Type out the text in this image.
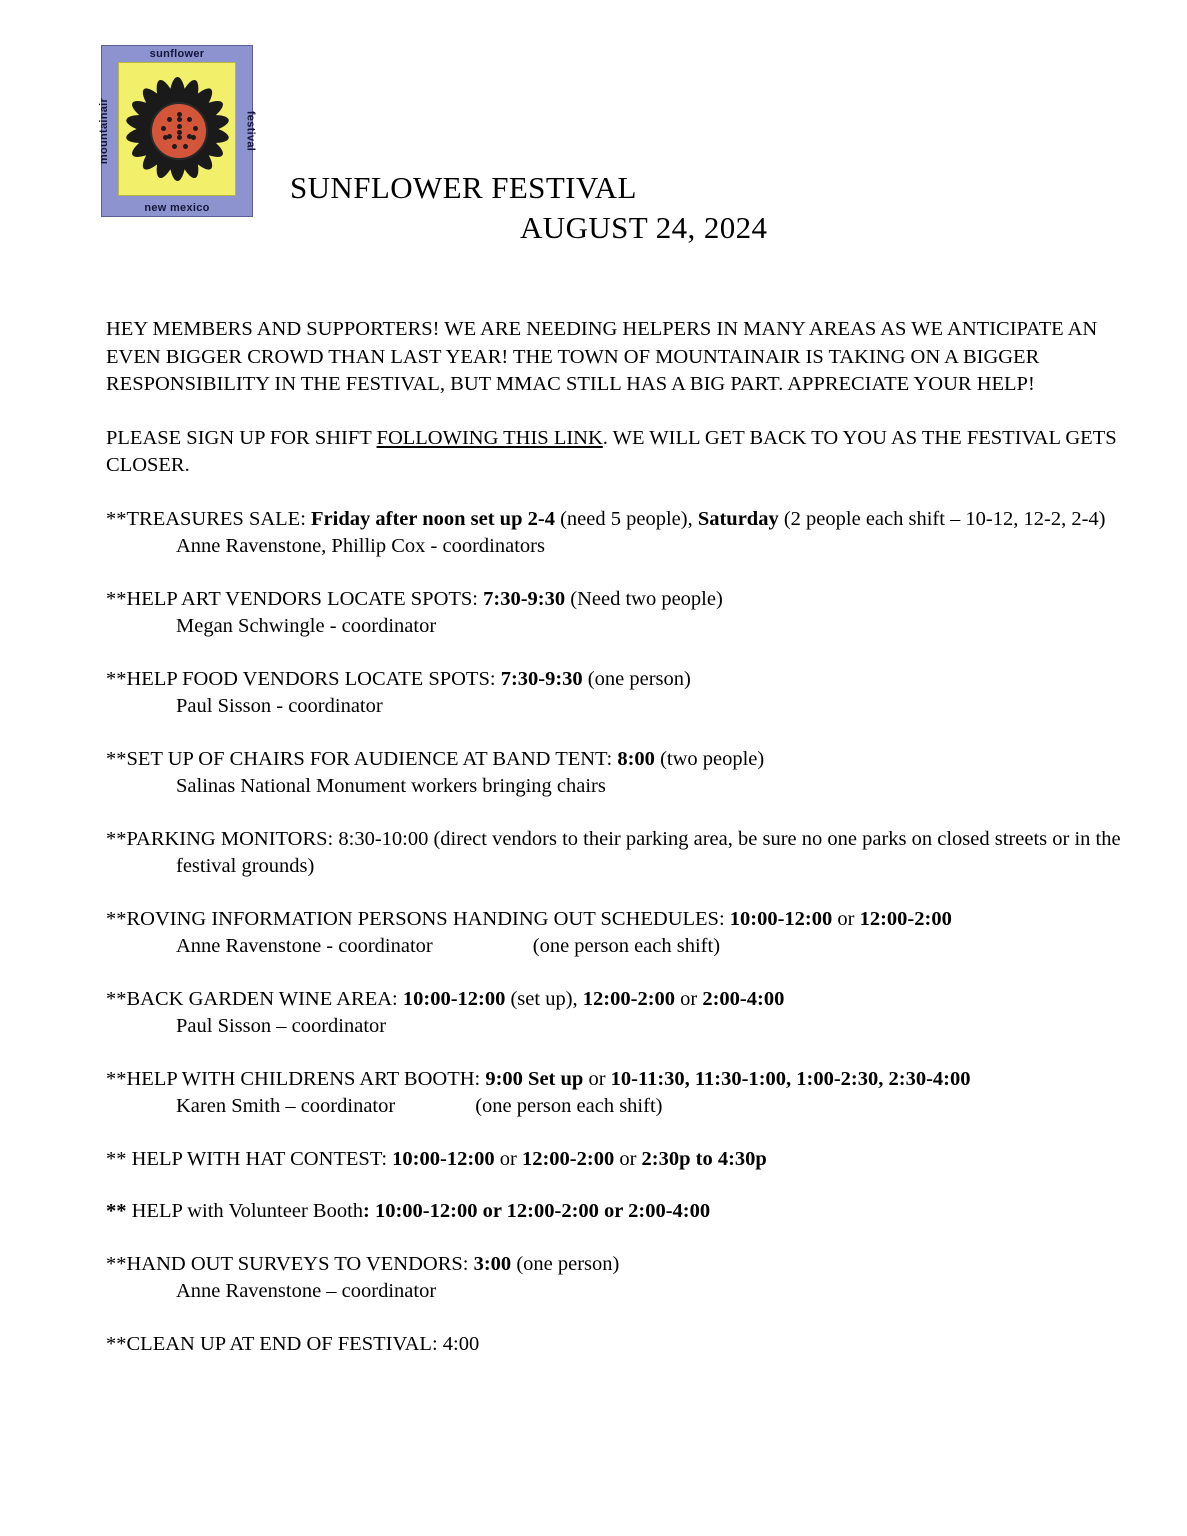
sunflower
festival
mountainair
new mexico
SUNFLOWER FESTIVAL
AUGUST 24, 2024

HEY MEMBERS AND SUPPORTERS! WE ARE NEEDING HELPERS IN MANY AREAS AS WE ANTICIPATE AN EVEN BIGGER CROWD THAN LAST YEAR! THE TOWN OF MOUNTAINAIR IS TAKING ON A BIGGER RESPONSIBILITY IN THE FESTIVAL, BUT MMAC STILL HAS A BIG PART. APPRECIATE YOUR HELP!

PLEASE SIGN UP FOR SHIFT FOLLOWING THIS LINK. WE WILL GET BACK TO YOU AS THE FESTIVAL GETS CLOSER.

**TREASURES SALE: Friday after noon set up 2-4 (need 5 people), Saturday (2 people each shift – 10-12, 12-2, 2-4)
Anne Ravenstone, Phillip Cox - coordinators
**HELP ART VENDORS LOCATE SPOTS: 7:30-9:30 (Need two people)
Megan Schwingle - coordinator
**HELP FOOD VENDORS LOCATE SPOTS: 7:30-9:30 (one person)
Paul Sisson - coordinator
**SET UP OF CHAIRS FOR AUDIENCE AT BAND TENT: 8:00 (two people)
Salinas National Monument workers bringing chairs
**PARKING MONITORS: 8:30-10:00 (direct vendors to their parking area, be sure no one parks on closed streets or in the festival grounds)
**ROVING INFORMATION PERSONS HANDING OUT SCHEDULES: 10:00-12:00 or 12:00-2:00
Anne Ravenstone - coordinator	(one person each shift)
**BACK GARDEN WINE AREA: 10:00-12:00 (set up), 12:00-2:00 or 2:00-4:00
Paul Sisson – coordinator
**HELP WITH CHILDRENS ART BOOTH: 9:00 Set up or 10-11:30, 11:30-1:00, 1:00-2:30, 2:30-4:00
Karen Smith – coordinator	(one person each shift)
** HELP WITH HAT CONTEST: 10:00-12:00 or 12:00-2:00 or 2:30p to 4:30p
** HELP with Volunteer Booth: 10:00-12:00 or 12:00-2:00 or 2:00-4:00
**HAND OUT SURVEYS TO VENDORS: 3:00 (one person)
Anne Ravenstone – coordinator
**CLEAN UP AT END OF FESTIVAL: 4:00
